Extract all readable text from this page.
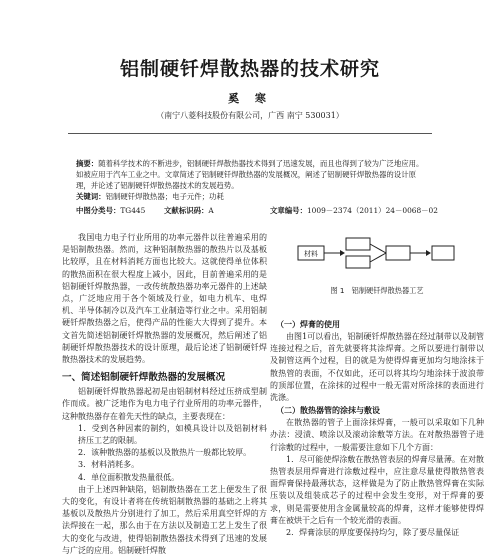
铝制硬钎焊散热器的技术研究
奚 寒
（南宁八菱科技股份有限公司，广西 南宁 530031）
摘要：随着科学技术的不断进步，铝制硬钎焊散热器技术得到了迅速发展，而且也得到了较为广泛地应用。如被应用于汽车工业之中。文章简述了铝制硬钎焊散热器的发展概况，阐述了铝制硬钎焊散热器的设计原理，并论述了铝制硬钎焊散热器技术的发展趋势。
关键词：铝制硬钎焊散热器；电子元件；功耗
中图分类号：TG445	文献标识码：A	文章编号：1009－2374（2011）24－0068－02

我国电力电子行业所用的功率元器件以往普遍采用的是铝制散热器。然而，这种铝制散热器的散热片以及基板比较厚，且在材料消耗方面也比较大。这就使得单位体积的散热面积在很大程度上减小，因此，目前普遍采用的是铝制硬钎焊散热器，一改传统散热器功率元器件的上述缺点，广泛地应用于各个领域及行业，如电力机车、电焊机、半导体制冷以及汽车工业制造等行业之中。采用铝制硬钎焊散热器之后，使得产品的性能大大得到了提升。本文首先简述铝制硬钎焊散热器的发展概况，然后阐述了铝制硬钎焊散热器技术的设计原理，最后论述了铝制硬钎焊散热器技术的发展趋势。

一、简述铝制硬钎焊散热器的发展概况

铝制硬钎焊散热器起初是由铝制材料经过压挤成型制作而成。被广泛地作为电力电子行业所用的功率元器件，这种散热器存在着先天性的缺点，主要表现在：

1．受到各种因素的制约，如模具设计以及铝制材料挤压工艺的限制。

2．该种散热器的基板以及散热片一般都比较厚。

3．材料消耗多。

4．单位面积散发热量很低。

由于上述四种缺陷，铝制散热器在工艺上便发生了很大的变化，有设计者将在传统铝制散热器的基础之上将其基板以及散热片分别进行了加工，然后采用真空钎焊的方法焊接在一起，那么由于在方法以及制造工艺上发生了很大的变化与改进，使得铝制散热器技术得到了迅速的发展与广泛的应用。铝制硬钎焊散

材料
图 1　铝制硬钎焊散热器工艺
（一）焊膏的使用

由图1可以看出，铝制硬钎焊散热器在经过制带以及制管连接过程之后，首先就要将其涂焊膏。之所以要进行制带以及制管这两个过程，目的就是为使得焊膏更加均匀地涂抹于散热管的表面，不仅如此，还可以将其均匀地涂抹于波浪带的顶部位置，在涂抹的过程中一般无需对所涂抹的表面进行洗涤。

（二）散热器管的涂抹与敷设

在散热器的管子上面涂抹焊膏，一般可以采取如下几种办法：浸渍、喷涂以及滚动涂敷等方法。在对散热器管子进行涂敷的过程中，一般需要注意如下几个方面：

1．尽可能使焊涂敷在散热管表层的焊膏尽量薄。在对散热管表层用焊膏进行涂敷过程中，应注意尽量使得散热管表面焊膏保持最薄状态，这样做是为了防止散热管焊膏在实际压装以及组装成芯子的过程中会发生变形，对于焊膏的要求，则是需要使用含金属量较高的焊膏，这样才能够使得焊膏在被烘干之后有一个较光滑的表面。

2．焊膏涂层的厚度要保持均匀，除了要尽量保证
